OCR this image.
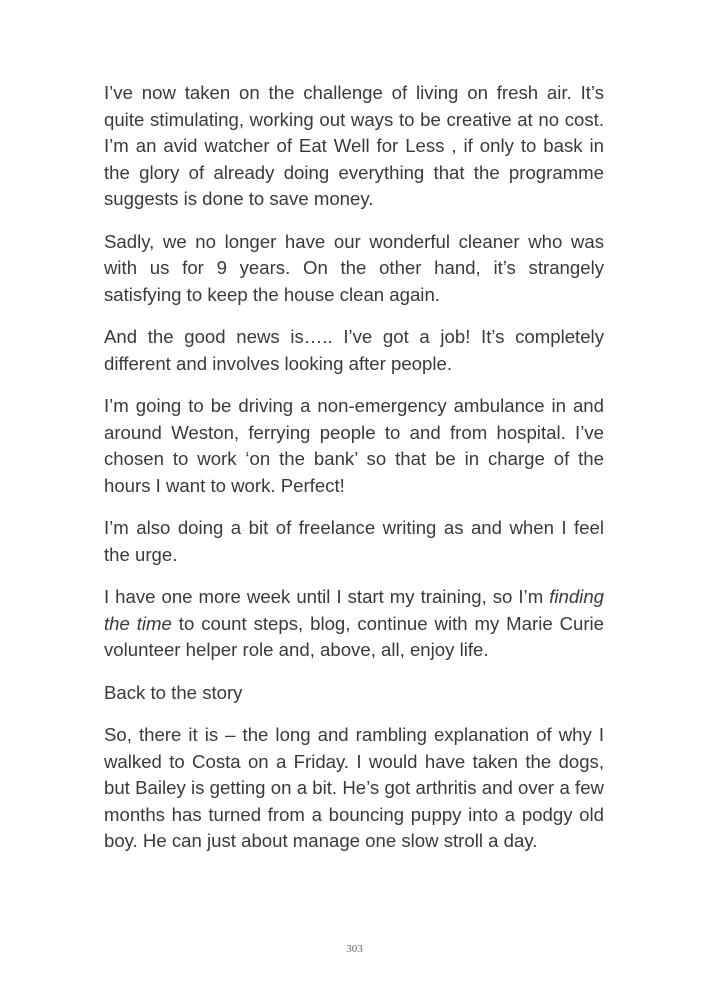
I’ve now taken on the challenge of living on fresh air. It’s quite stimulating, working out ways to be creative at no cost. I’m an avid watcher of Eat Well for Less , if only to bask in the glory of already doing everything that the programme suggests is done to save money.

Sadly, we no longer have our wonderful cleaner who was with us for 9 years. On the other hand, it’s strangely satisfying to keep the house clean again.

And the good news is….. I’ve got a job! It’s completely different and involves looking after people.

I’m going to be driving a non-emergency ambulance in and around Weston, ferrying people to and from hospital. I’ve chosen to work ‘on the bank’ so that be in charge of the hours I want to work. Perfect!

I’m also doing a bit of freelance writing as and when I feel the urge.

I have one more week until I start my training, so I’m finding the time to count steps, blog, continue with my Marie Curie volunteer helper role and, above, all, enjoy life.

Back to the story

So, there it is – the long and rambling explanation of why I walked to Costa on a Friday. I would have taken the dogs, but Bailey is getting on a bit. He’s got arthritis and over a few months has turned from a bouncing puppy into a podgy old boy. He can just about manage one slow stroll a day.

303
